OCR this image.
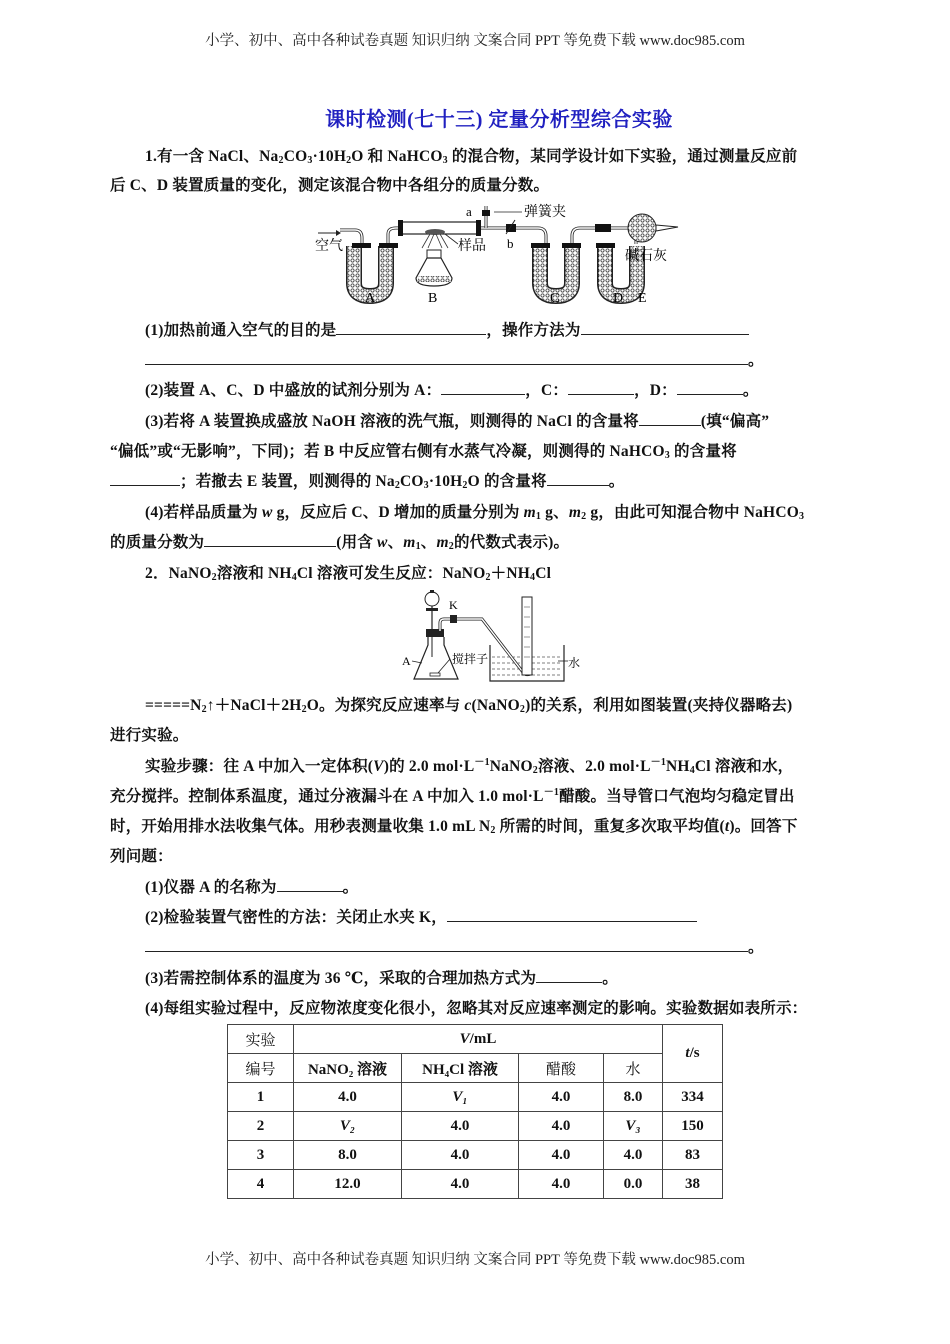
小学、初中、高中各种试卷真题 知识归纳 文案合同 PPT 等免费下载 www.doc985.com
课时检测(七十三) 定量分析型综合实验
1.有一含 NaCl、$Na_2CO_3\cdot 10H_2O$ 和 NaHCO$_3$ 的混合物，某同学设计如下实验，通过测量反应前
后 C、D 装置质量的变化，测定该混合物中各组分的质量分数。
空气	样品
a
b
弹簧夹
碱石灰
A	B	C	D E
(1)加热前通入空气的目的是	，操作方法为
。
(2)装置 A、C、D 中盛放的试剂分别为 A：	，C：	，D：	。
(3)若将 A 装置换成盛放 NaOH 溶液的洗气瓶，则测得的 NaCl 的含量将	(填“偏高”
“偏低”或“无影响”，下同)；若 B 中反应管右侧有水蒸气冷凝，则测得的 NaHCO$_3$ 的含量将
；若撤去 E 装置，则测得的 $Na_2CO_3\cdot 10H_2O$ 的含量将	。
(4)若样品质量为 w g，反应后 C、D 增加的质量分别为 $m_1$ g、$m_2$ g，由此可知混合物中 NaHCO$_3$
的质量分数为	(用含 w、$m_1$、$m_2$的代数式表示)。
2．NaNO$_2$溶液和 $NH_4Cl$ 溶液可发生反应：$NaNO_2+NH_4Cl$
K
A	搅拌子	水
$=====N_2↑+NaCl+2H_2O$。为探究反应速率与 c(NaNO$_2$)的关系，利用如图装置(夹持仪器略去)
进行实验。
实验步骤：往 A 中加入一定体积(V)的 2.0 $mol\cdot L^{-1}NaNO_2$溶液、2.0 $mol\cdot L^{-1}NH_4Cl$ 溶液和水，
充分搅拌。控制体系温度，通过分液漏斗在 A 中加入 1.0 $mol\cdot L^{-1}$醋酸。当导管口气泡均匀稳定冒出
时，开始用排水法收集气体。用秒表测量收集 1.0 mL $N_2$ 所需的时间，重复多次取平均值(t)。回答下
列问题：
(1)仪器 A 的名称为	。
(2)检验装置气密性的方法：关闭止水夹 K，
。
(3)若需控制体系的温度为 36 ℃，采取的合理加热方式为	。
(4)每组实验过程中，反应物浓度变化很小，忽略其对反应速率测定的影响。实验数据如表所示：
实验	V/mL				t/s
编号	NaNO₂ 溶液	NH₄Cl 溶液	醋酸	水	
1	4.0	V₁	4.0	8.0	334
2	V₂	4.0	4.0	V₃	150
3	8.0	4.0	4.0	4.0	83
4	12.0	4.0	4.0	0.0	38
小学、初中、高中各种试卷真题 知识归纳 文案合同 PPT 等免费下载 www.doc985.com
